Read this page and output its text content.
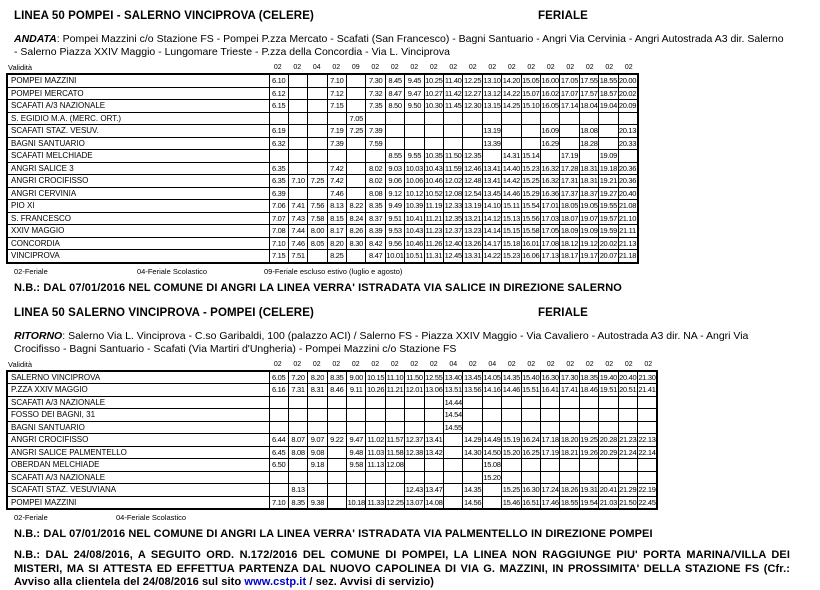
LINEA 50 POMPEI - SALERNO VINCIPROVA (CELERE)	FERIALE

ANDATA: Pompei Mazzini c/o Stazione FS - Pompei P.zza Mercato - Scafati (San Francesco) - Bagni Santuario - Angri Via Cervinia - Angri Autostrada A3 dir. Salerno - Salerno Piazza XXIV Maggio - Lungomare Trieste - P.zza della Concordia - Via L. Vinciprova

Validità	02	02	04	02	09	02	02	02	02	02	02	02	02	02	02	02	02	02	02
POMPEI MAZZINI	6.10			7.10		7.30	8.45	9.45	10.25	11.40	12.25	13.10	14.20	15.05	16.00	17.05	17.55	18.55	20.00
POMPEI MERCATO	6.12			7.12		7.32	8.47	9.47	10.27	11.42	12.27	13.12	14.22	15.07	16.02	17.07	17.57	18.57	20.02
SCAFATI A/3 NAZIONALE	6.15			7.15		7.35	8.50	9.50	10.30	11.45	12.30	13.15	14.25	15.10	16.05	17.14	18.04	19.04	20.09
S. EGIDIO M.A. (MERC. ORT.)					7.05														
SCAFATI STAZ. VESUV.	6.19			7.19	7.25	7.39						13.19			16.09		18.08		20.13
BAGNI SANTUARIO	6.32			7.39		7.59						13.39			16.29		18.28		20.33
SCAFATI MELCHIADE							8.55	9.55	10.35	11.50	12.35		14.31	15.14		17.19		19.09	
ANGRI SALICE 3	6.35			7.42		8.02	9.03	10.03	10.43	11.59	12.46	13.41	14.40	15.23	16.32	17.28	18.31	19.18	20.36
ANGRI CROCIFISSO	6.35	7.10	7.25	7.42		8.02	9.06	10.06	10.46	12.02	12.48	13.41	14.42	15.25	16.32	17.31	18.31	19.21	20.36
ANGRI CERVINIA	6.39			7.46		8.08	9.12	10.12	10.52	12.08	12.54	13.45	14.46	15.29	16.36	17.37	18.37	19.27	20.40
PIO XI	7.06	7.41	7.56	8.13	8.22	8.35	9.49	10.39	11.19	12.33	13.19	14.10	15.11	15.54	17.01	18.05	19.05	19.55	21.08
S. FRANCESCO	7.07	7.43	7.58	8.15	8.24	8.37	9.51	10.41	11.21	12.35	13.21	14.12	15.13	15.56	17.03	18.07	19.07	19.57	21.10
XXIV MAGGIO	7.08	7.44	8.00	8.17	8.26	8.39	9.53	10.43	11.23	12.37	13.23	14.14	15.15	15.58	17.05	18.09	19.09	19.59	21.11
CONCORDIA	7.10	7.46	8.05	8.20	8.30	8.42	9.56	10.46	11.26	12.40	13.26	14.17	15.18	16.01	17.08	18.12	19.12	20.02	21.13
VINCIPROVA	7.15	7.51		8.25		8.47	10.01	10.51	11.31	12.45	13.31	14.22	15.23	16.06	17.13	18.17	19.17	20.07	21.18
02-Feriale	04-Feriale Scolastico	09-Feriale escluso estivo (luglio e agosto)

N.B.: DAL 07/01/2016 NEL COMUNE DI ANGRI LA LINEA VERRA' ISTRADATA VIA SALICE IN DIREZIONE SALERNO

LINEA 50 SALERNO VINCIPROVA - POMPEI (CELERE)	FERIALE

RITORNO: Salerno Via L. Vinciprova - C.so Garibaldi, 100 (palazzo ACI) / Salerno FS - Piazza XXIV Maggio - Via Cavaliero - Autostrada A3 dir. NA - Angri Via Crocifisso - Bagni Santuario - Scafati (Via Martiri d'Ungheria) - Pompei Mazzini c/o Stazione FS

Validità	02	02	02	02	02	02	02	02	02	04	02	04	02	02	02	02	02	02	02	02
SALERNO VINCIPROVA	6.05	7.20	8.20	8.35	9.00	10.15	11.10	11.50	12.55	13.40	13.45	14.05	14.35	15.40	16.30	17.30	18.35	19.40	20.40	21.30
P.ZZA XXIV MAGGIO	6.16	7.31	8.31	8.46	9.11	10.26	11.21	12.01	13.06	13.51	13.56	14.16	14.46	15.51	16.41	17.41	18.46	19.51	20.51	21.41
SCAFATI A/3 NAZIONALE										14.44										
FOSSO DEI BAGNI, 31										14.54										
BAGNI SANTUARIO										14.55										
ANGRI CROCIFISSO	6.44	8.07	9.07	9.22	9.47	11.02	11.57	12.37	13.41		14.29	14.49	15.19	16.24	17.18	18.20	19.25	20.28	21.23	22.13
ANGRI SALICE PALMENTELLO	6.45	8.08	9.08		9.48	11.03	11.58	12.38	13.42		14.30	14.50	15.20	16.25	17.19	18.21	19.26	20.29	21.24	22.14
OBERDAN MELCHIADE	6.50		9.18		9.58	11.13	12.08					15.08								
SCAFATI A/3 NAZIONALE												15.20								
SCAFATI STAZ. VESUVIANA		8.13						12.43	13.47		14.35		15.25	16.30	17.24	18.26	19.31	20.41	21.29	22.19
POMPEI MAZZINI	7.10	8.35	9.38		10.18	11.33	12.25	13.07	14.08		14.56		15.46	16.51	17.46	18.55	19.54	21.03	21.50	22.45
02-Feriale	04-Feriale Scolastico

N.B.: DAL 07/01/2016 NEL COMUNE DI ANGRI LA LINEA VERRA' ISTRADATA VIA PALMENTELLO IN DIREZIONE POMPEI

N.B.: DAL 24/08/2016, A SEGUITO ORD. N.172/2016 DEL COMUNE DI POMPEI, LA LINEA NON RAGGIUNGE PIU' PORTA MARINA/VILLA DEI MISTERI, MA SI ATTESTA ED EFFETTUA PARTENZA DAL NUOVO CAPOLINEA DI VIA G. MAZZINI, IN PROSSIMITA' DELLA STAZIONE FS (Cfr.: Avviso alla clientela del 24/08/2016 sul sito www.cstp.it / sez. Avvisi di servizio)
